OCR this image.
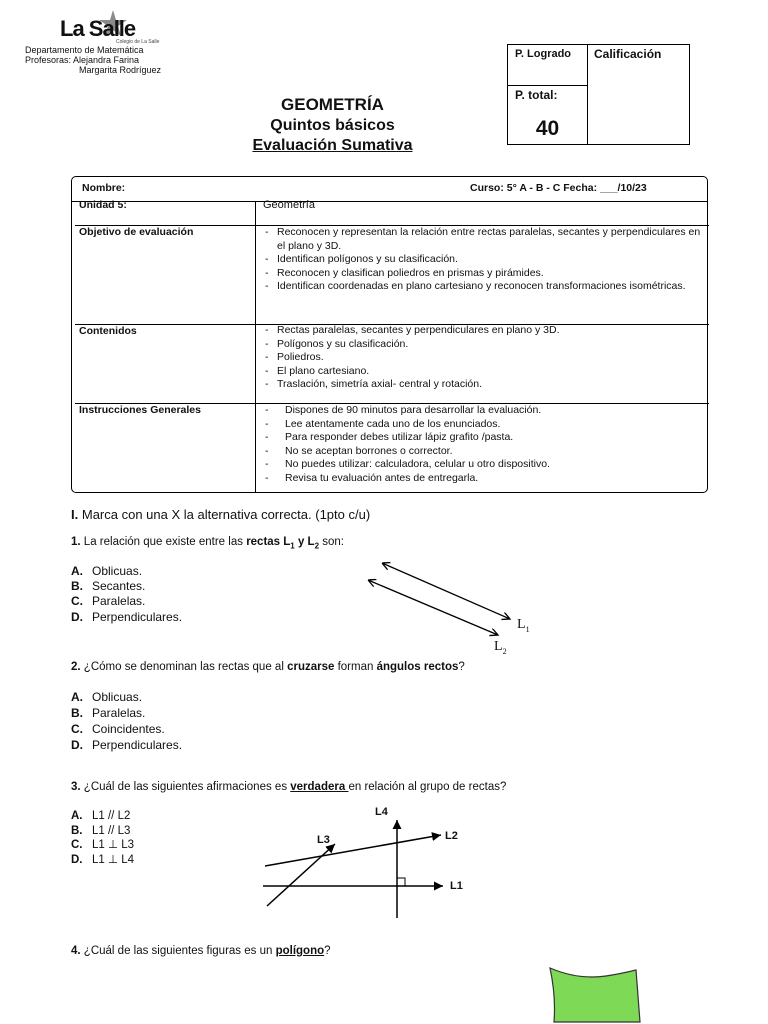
La Salle
Colegio de La Salle
Departamento de Matemática
Profesoras: Alejandra Farina
Margarita Rodríguez
GEOMETRÍA
Quintos básicos
Evaluación Sumativa
P. Logrado Calificación
P. total:
40
Nombre:	Curso: 5° A - B - C Fecha: ___/10/23
Unidad 5:	Geometría
Objetivo de evaluación	- Reconocen y representan la relación entre rectas paralelas, secantes y perpendiculares en el plano y 3D.
- Identifican polígonos y su clasificación.
- Reconocen y clasifican poliedros en prismas y pirámides.
- Identifican coordenadas en plano cartesiano y reconocen transformaciones isométricas.
Contenidos	- Rectas paralelas, secantes y perpendiculares en plano y 3D.
- Polígonos y su clasificación.
- Poliedros.
- El plano cartesiano.
- Traslación, simetría axial- central y rotación.
Instrucciones Generales	- Dispones de 90 minutos para desarrollar la evaluación.
- Lee atentamente cada uno de los enunciados.
- Para responder debes utilizar lápiz grafito /pasta.
- No se aceptan borrones o corrector.
- No puedes utilizar: calculadora, celular u otro dispositivo.
- Revisa tu evaluación antes de entregarla.
I. Marca con una X la alternativa correcta. (1pto c/u)
1. La relación que existe entre las rectas $L_1$ y $L_2$ son:
A. Oblicuas.
B. Secantes.
C. Paralelas.
D. Perpendiculares.
$L_1$
$L_2$
2. ¿Cómo se denominan las rectas que al cruzarse forman ángulos rectos?
A. Oblicuas.
B. Paralelas.
C. Coincidentes.
D. Perpendiculares.
3. ¿Cuál de las siguientes afirmaciones es verdadera en relación al grupo de rectas?
A. L1 // L2
B. L1 // L3
C. L1 ⊥ L3
D. L1 ⊥ L4
L4
L3	L2
L1
4. ¿Cuál de las siguientes figuras es un polígono?
